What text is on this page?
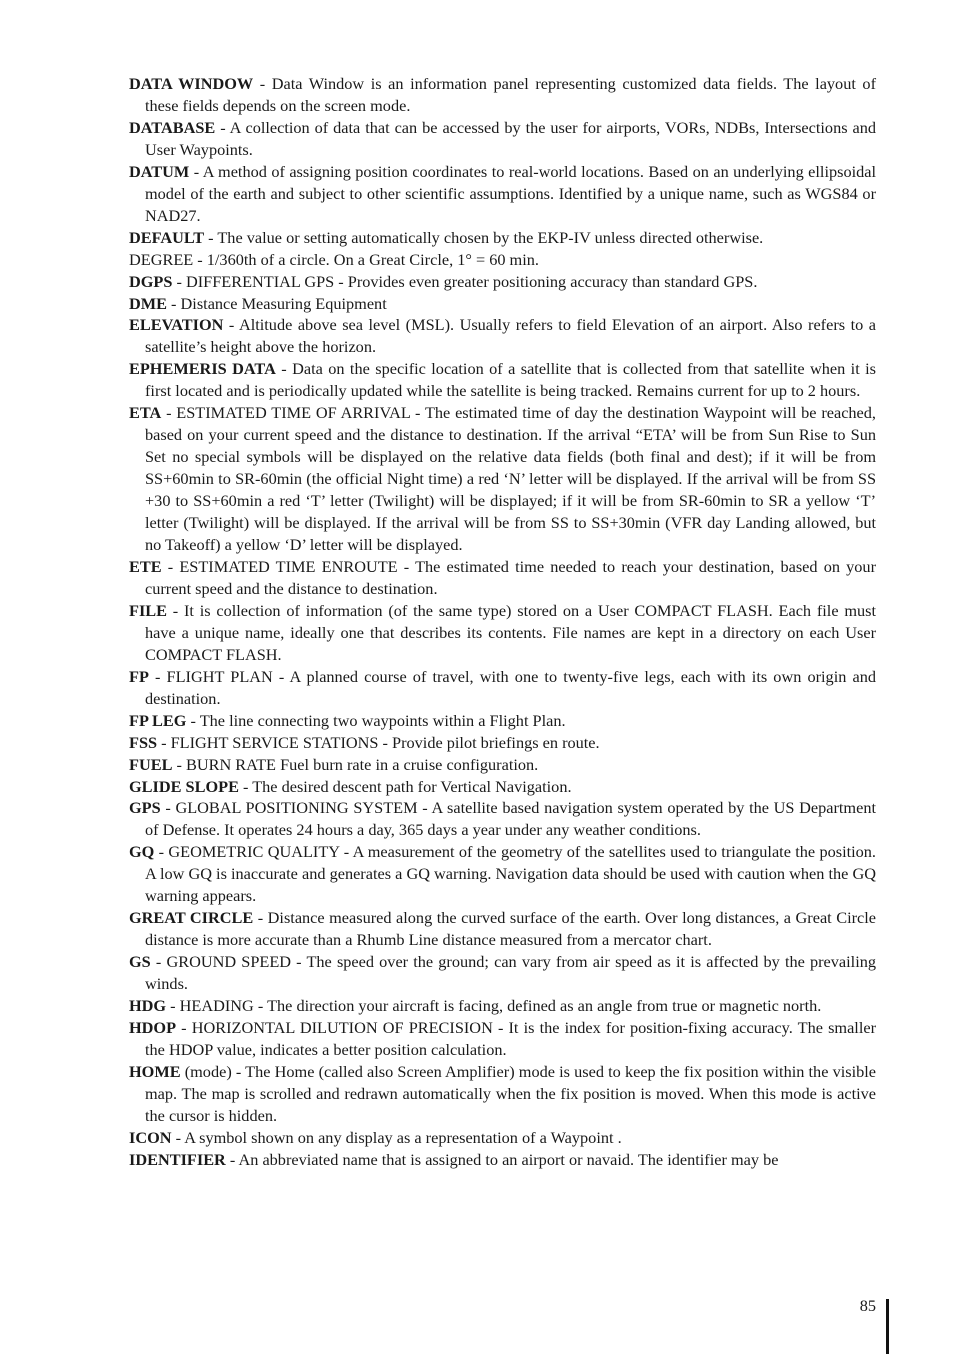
DATA WINDOW - Data Window is an information panel representing customized data fields. The layout of these fields depends on the screen mode.

DATABASE - A collection of data that can be accessed by the user for airports, VORs, NDBs, Intersections and User Waypoints.

DATUM - A method of assigning position coordinates to real-world locations. Based on an underlying ellipsoidal model of the earth and subject to other scientific assumptions. Identified by a unique name, such as WGS84 or NAD27.

DEFAULT - The value or setting automatically chosen by the EKP-IV unless directed otherwise.

DEGREE - 1/360th of a circle. On a Great Circle, 1° = 60 min.

DGPS - DIFFERENTIAL GPS - Provides even greater positioning accuracy than standard GPS.

DME - Distance Measuring Equipment

ELEVATION - Altitude above sea level (MSL). Usually refers to field Elevation of an airport. Also refers to a satellite’s height above the horizon.

EPHEMERIS DATA - Data on the specific location of a satellite that is collected from that satellite when it is first located and is periodically updated while the satellite is being tracked. Remains current for up to 2 hours.

ETA - ESTIMATED TIME OF ARRIVAL - The estimated time of day the destination Waypoint will be reached, based on your current speed and the distance to destination. If the arrival “ETA’ will be from Sun Rise to Sun Set no special symbols will be displayed on the relative data fields (both final and dest); if it will be from SS+60min to SR-60min (the official Night time) a red ‘N’ letter will be displayed. If the arrival will be from SS +30 to SS+60min a red ‘T’ letter (Twilight) will be displayed; if it will be from SR-60min to SR a yellow ‘T’ letter (Twilight) will be displayed. If the arrival will be from SS to SS+30min (VFR day Landing allowed, but no Takeoff) a yellow ‘D’ letter will be displayed.

ETE - ESTIMATED TIME ENROUTE - The estimated time needed to reach your destination, based on your current speed and the distance to destination.

FILE - It is collection of information (of the same type) stored on a User COMPACT FLASH. Each file must have a unique name, ideally one that describes its contents. File names are kept in a directory on each User COMPACT FLASH.

FP - FLIGHT PLAN - A planned course of travel, with one to twenty-five legs, each with its own origin and destination.

FP LEG - The line connecting two waypoints within a Flight Plan.

FSS - FLIGHT SERVICE STATIONS - Provide pilot briefings en route.

FUEL - BURN RATE Fuel burn rate in a cruise configuration.

GLIDE SLOPE - The desired descent path for Vertical Navigation.

GPS - GLOBAL POSITIONING SYSTEM - A satellite based navigation system operated by the US Department of Defense. It operates 24 hours a day, 365 days a year under any weather conditions.

GQ - GEOMETRIC QUALITY - A measurement of the geometry of the satellites used to triangulate the position. A low GQ is inaccurate and generates a GQ warning. Navigation data should be used with caution when the GQ warning appears.

GREAT CIRCLE - Distance measured along the curved surface of the earth. Over long distances, a Great Circle distance is more accurate than a Rhumb Line distance measured from a mercator chart.

GS - GROUND SPEED - The speed over the ground; can vary from air speed as it is affected by the prevailing winds.

HDG - HEADING - The direction your aircraft is facing, defined as an angle from true or magnetic north.

HDOP - HORIZONTAL DILUTION OF PRECISION - It is the index for position-fixing accuracy. The smaller the HDOP value, indicates a better position calculation.

HOME (mode) - The Home (called also Screen Amplifier) mode is used to keep the fix position within the visible map. The map is scrolled and redrawn automatically when the fix position is moved. When this mode is active the cursor is hidden.

ICON - A symbol shown on any display as a representation of a Waypoint .

IDENTIFIER - An abbreviated name that is assigned to an airport or navaid. The identifier may be

85
